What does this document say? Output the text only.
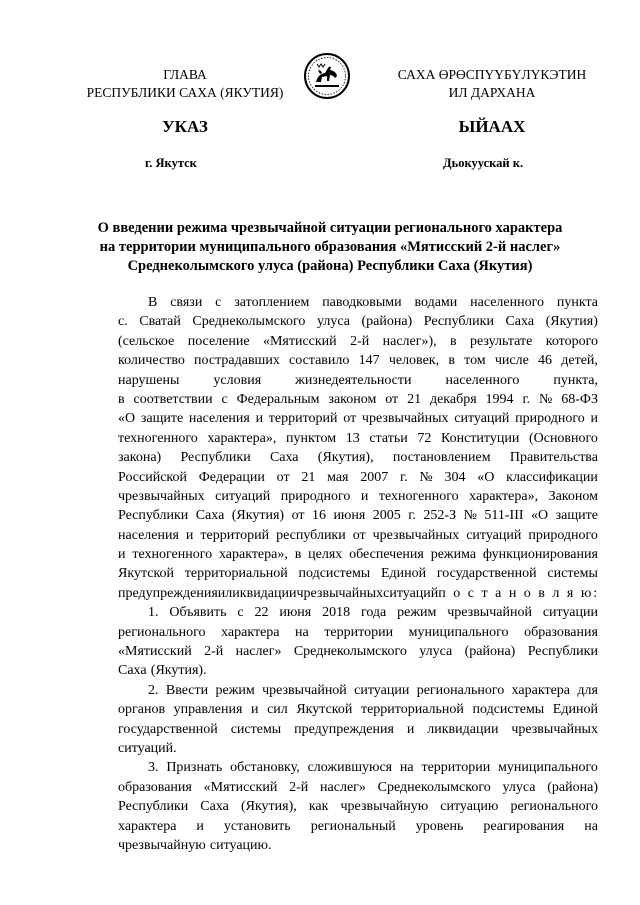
ГЛАВА
РЕСПУБЛИКИ САХА (ЯКУТИЯ)
САХА ӨРӨСПҮҮБҮЛҮКЭТИН
ИЛ ДАРХАНА
УКАЗ	ЫЙААХ
г. Якутск	Дьокуускай к.
О введении режима чрезвычайной ситуации регионального характера
на территории муниципального образования «Мятисский 2-й наслег»
Среднеколымского улуса (района) Республики Саха (Якутия)
В связи с затоплением паводковыми водами населенного пункта
с. Сватай Среднеколымского улуса (района) Республики Саха (Якутия)
(сельское поселение «Мятисский 2-й наслег»), в результате которого
количество пострадавших составило 147 человек, в том числе 46 детей,
нарушены условия жизнедеятельности населенного пункта,
в соответствии с Федеральным законом от 21 декабря 1994 г. № 68-ФЗ
«О защите населения и территорий от чрезвычайных ситуаций природного и
техногенного характера», пунктом 13 статьи 72 Конституции (Основного
закона) Республики Саха (Якутия), постановлением Правительства
Российской Федерации от 21 мая 2007 г. № 304 «О классификации
чрезвычайных ситуаций природного и техногенного характера», Законом
Республики Саха (Якутия) от 16 июня 2005 г. 252-З № 511-III «О защите
населения и территорий республики от чрезвычайных ситуаций природного
и техногенного характера», в целях обеспечения режима функционирования
Якутской территориальной подсистемы Единой государственной системы
предупреждения и ликвидации чрезвычайных ситуаций п о с т а н о в л я ю:
1. Объявить с 22 июня 2018 года режим чрезвычайной ситуации
регионального характера на территории муниципального образования
«Мятисский 2-й наслег» Среднеколымского улуса (района) Республики
Саха (Якутия).
2. Ввести режим чрезвычайной ситуации регионального характера для
органов управления и сил Якутской территориальной подсистемы Единой
государственной системы предупреждения и ликвидации чрезвычайных
ситуаций.
3. Признать обстановку, сложившуюся на территории муниципального
образования «Мятисский 2-й наслег» Среднеколымского улуса (района)
Республики Саха (Якутия), как чрезвычайную ситуацию регионального
характера и установить региональный уровень реагирования на
чрезвычайную ситуацию.
